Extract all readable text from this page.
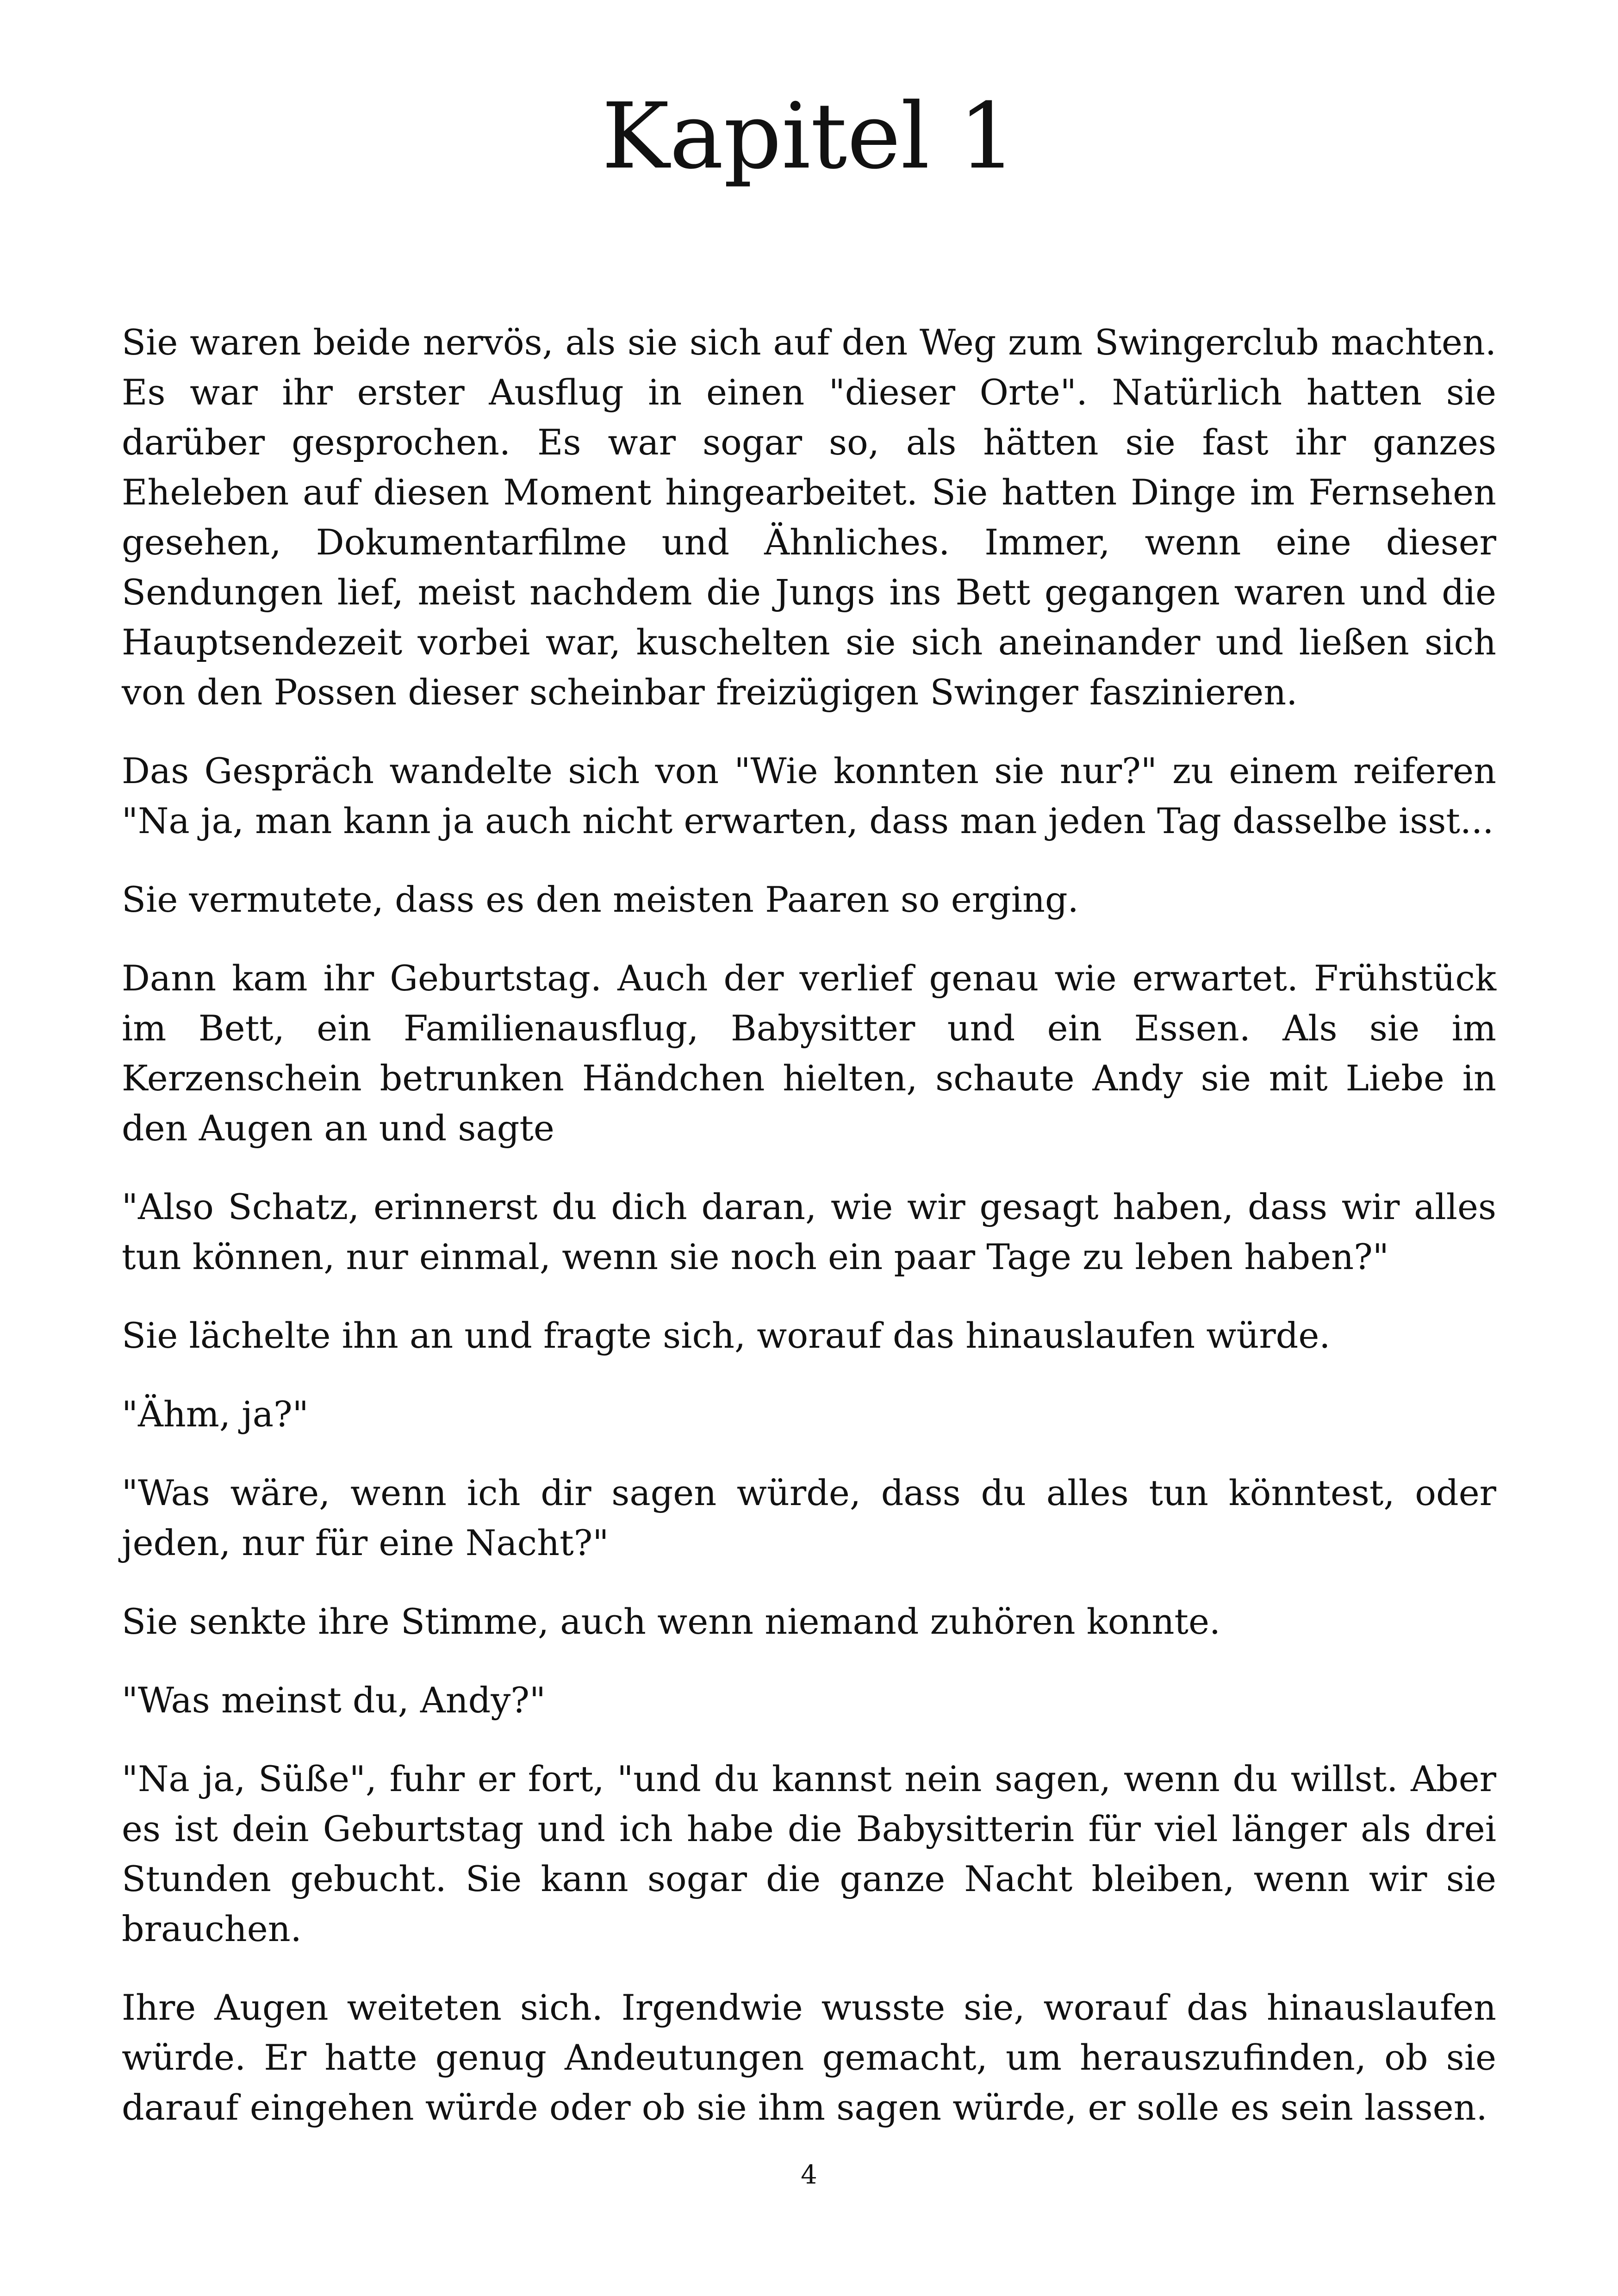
Kapitel 1

Sie waren beide nervös, als sie sich auf den Weg zum Swingerclub machten. Es war ihr erster Ausflug in einen "dieser Orte". Natürlich hatten sie darüber gesprochen. Es war sogar so, als hätten sie fast ihr ganzes Eheleben auf diesen Moment hingearbeitet. Sie hatten Dinge im Fernsehen gesehen, Dokumentarfilme und Ähnliches. Immer, wenn eine dieser Sendungen lief, meist nachdem die Jungs ins Bett gegangen waren und die Hauptsendezeit vorbei war, kuschelten sie sich aneinander und ließen sich von den Possen dieser scheinbar freizügigen Swinger faszinieren.

Das Gespräch wandelte sich von "Wie konnten sie nur?" zu einem reiferen "Na ja, man kann ja auch nicht erwarten, dass man jeden Tag dasselbe isst...

Sie vermutete, dass es den meisten Paaren so erging.

Dann kam ihr Geburtstag. Auch der verlief genau wie erwartet. Frühstück im Bett, ein Familienausflug, Babysitter und ein Essen. Als sie im Kerzenschein betrunken Händchen hielten, schaute Andy sie mit Liebe in den Augen an und sagte

"Also Schatz, erinnerst du dich daran, wie wir gesagt haben, dass wir alles tun können, nur einmal, wenn sie noch ein paar Tage zu leben haben?"

Sie lächelte ihn an und fragte sich, worauf das hinauslaufen würde.

"Ähm, ja?"

"Was wäre, wenn ich dir sagen würde, dass du alles tun könntest, oder jeden, nur für eine Nacht?"

Sie senkte ihre Stimme, auch wenn niemand zuhören konnte.

"Was meinst du, Andy?"

"Na ja, Süße", fuhr er fort, "und du kannst nein sagen, wenn du willst. Aber es ist dein Geburtstag und ich habe die Babysitterin für viel länger als drei Stunden gebucht. Sie kann sogar die ganze Nacht bleiben, wenn wir sie brauchen.

Ihre Augen weiteten sich. Irgendwie wusste sie, worauf das hinauslaufen würde. Er hatte genug Andeutungen gemacht, um herauszufinden, ob sie darauf eingehen würde oder ob sie ihm sagen würde, er solle es sein lassen.

4
